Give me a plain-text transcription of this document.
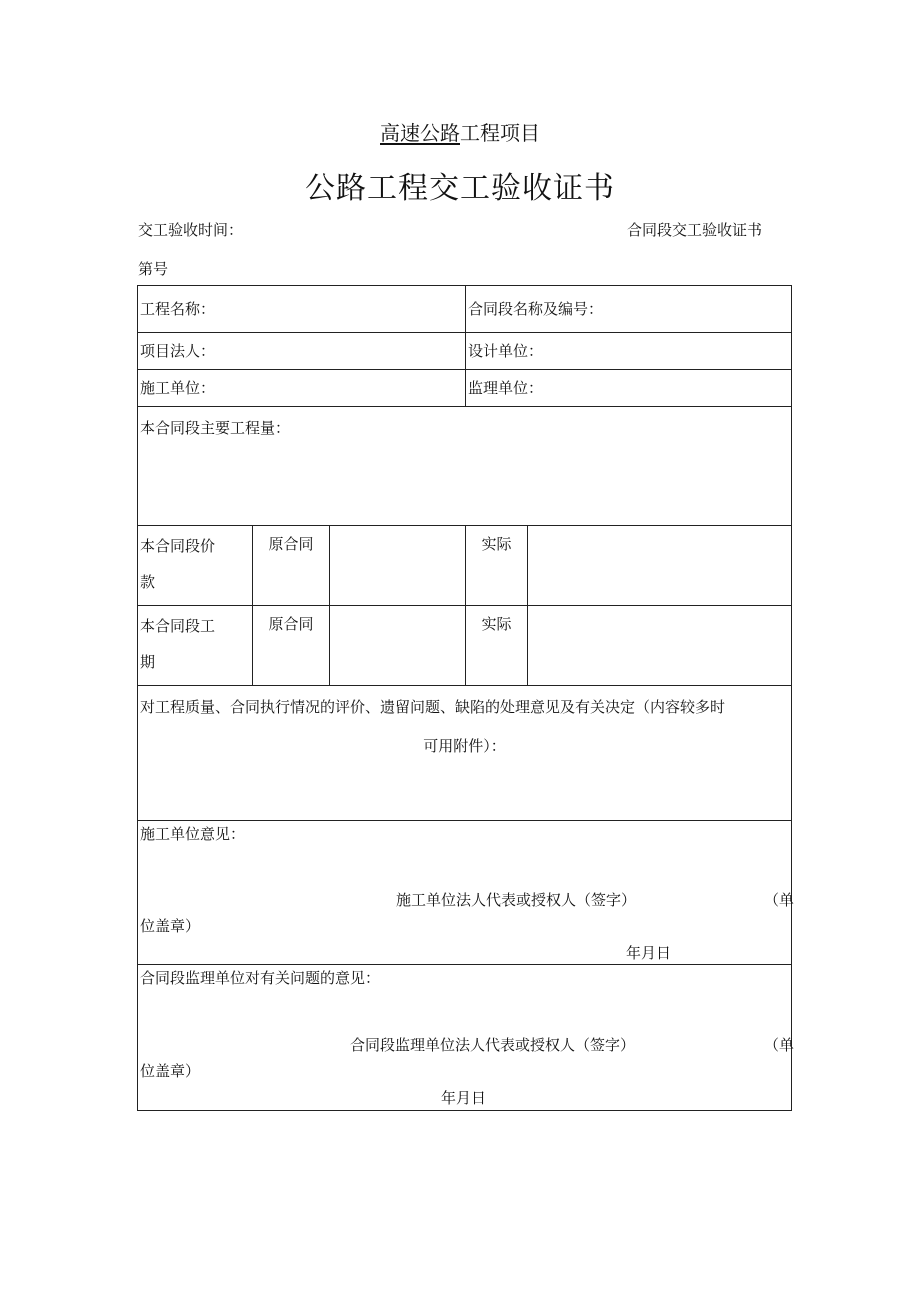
高速公路工程项目
公路工程交工验收证书
交工验收时间：	合同段交工验收证书
第号
工程名称：			合同段名称及编号：	
项目法人：			设计单位：	
施工单位：			监理单位：	
本合同段主要工程量：				
本合同段价
款	原合同		实际	
本合同段工
期	原合同		实际	

对工程质量、合同执行情况的评价、遗留问题、缺陷的处理意见及有关决定（内容较多时
可用附件）：				

施工单位意见：
施工单位法人代表或授权人（签字） （单
位盖章）
年月日				

合同段监理单位对有关问题的意见：
合同段监理单位法人代表或授权人（签字） （单
位盖章）
年月日				
